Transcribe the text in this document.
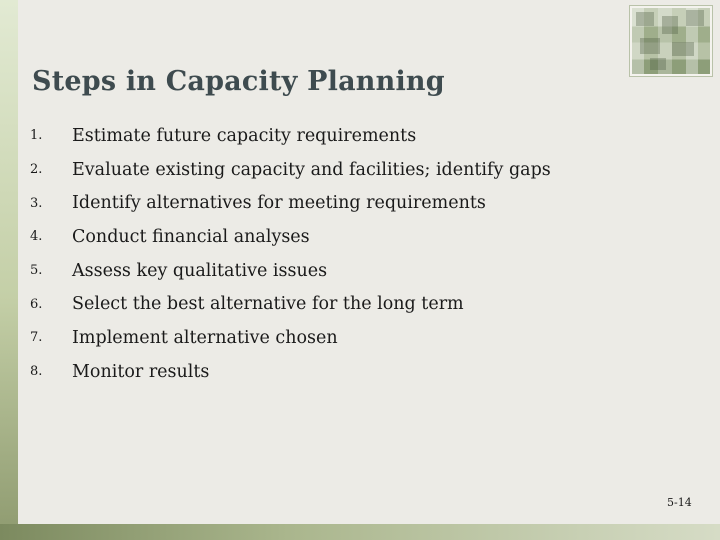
Steps in Capacity Planning
1.	Estimate future capacity requirements
2.	Evaluate existing capacity and facilities; identify gaps
3.	Identify alternatives for meeting requirements
4.	Conduct financial analyses
5.	Assess key qualitative issues
6.	Select the best alternative for the long term
7.	Implement alternative chosen
8.	Monitor results
5-14
